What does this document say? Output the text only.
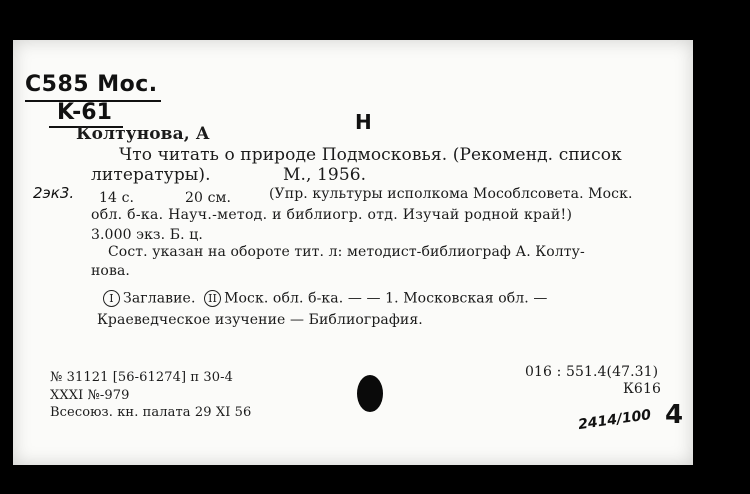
C585 Moc.
K-61	H
2эк3.
Колтунова, А
Что читать о природе Подмосковья. (Рекоменд. список
литературы).	М., 1956.
14 с.	20 см.	(Упр. культуры исполкома Мособлсовета. Моск.
обл. б-ка. Науч.-метод. и библиогр. отд. Изучай родной край!)
3.000 экз. Б. ц.
Сост. указан на обороте тит. л: методист-библиограф А. Колту-
нова.
I Заглавие. II Моск. обл. б-ка. — — 1. Московская обл. —
Краеведческое изучение — Библиография.
№ 31121 [56-61274] п 30-4
XXXI №-979
Всесоюз. кн. палата 29 XI 56
016 : 551.4(47.31)
К616
2414/100 4
